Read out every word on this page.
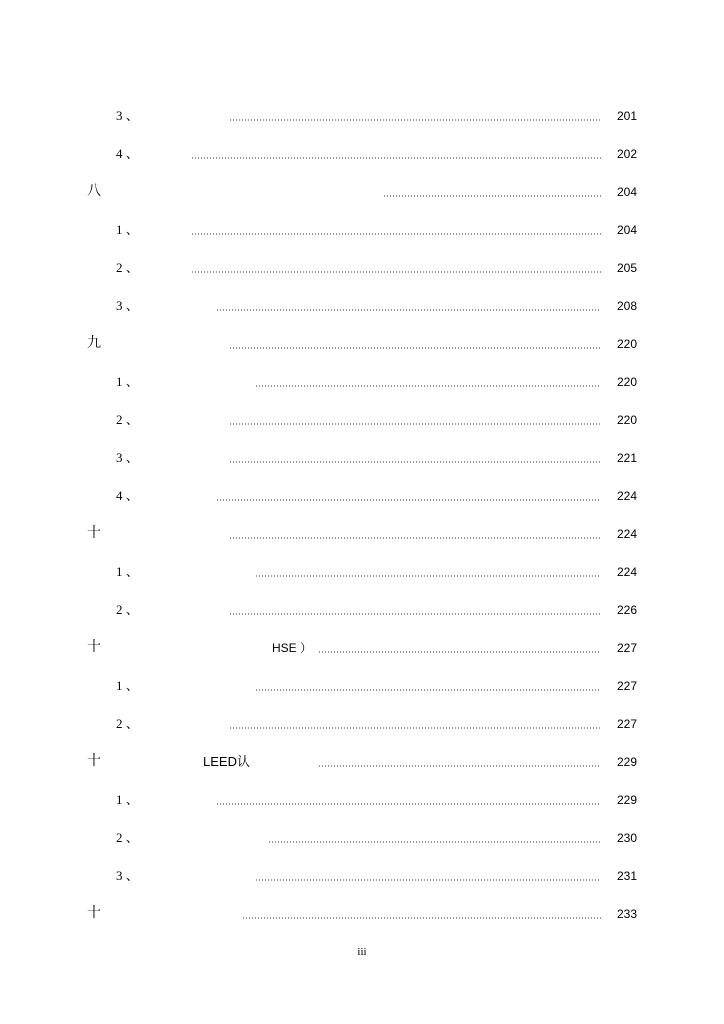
3 、	201
4 、	202
八	204
1 、	204
2 、	205
3 、	208
九	220
1 、	220
2 、	220
3 、	221
4 、	224
十	224
1 、	224
2 、	226
十	HSE ）	227
1 、	227
2 、	227
十	LEED认	229
1 、	229
2 、	230
3 、	231
十	233
iii
